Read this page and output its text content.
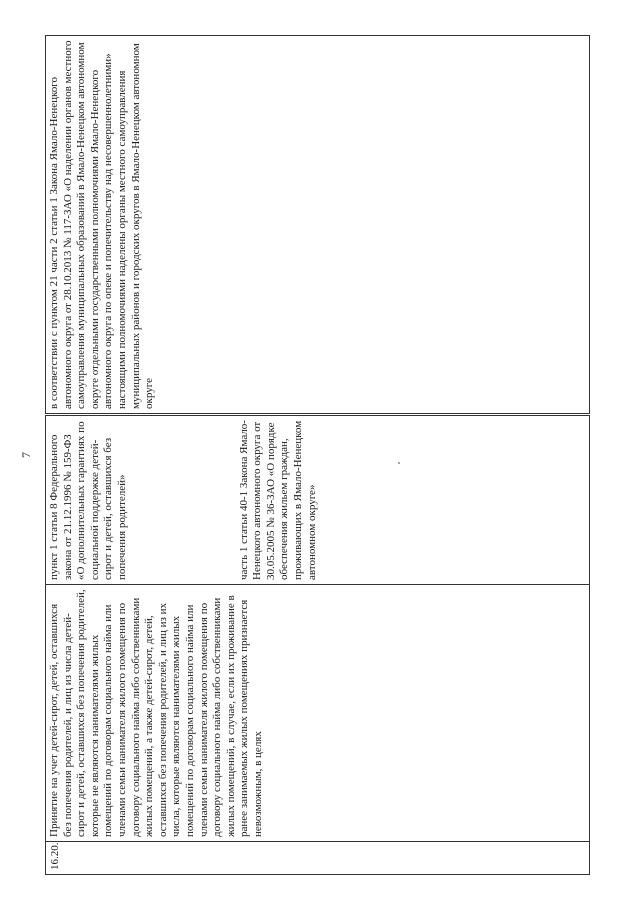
7
16.20.	Принятие на учет детей-сирот, детей, оставшихся без попечения родителей, и лиц из числа детей-сирот и детей, оставшихся без попечения родителей, которые не являются нанимателями жилых помещений по договорам социального найма или членами семьи нанимателя жилого помещения по договору социального найма либо собственниками жилых помещений, а также детей-сирот, детей, оставшихся без попечения родителей, и лиц из их числа, которые являются нанимателями жилых помещений по договорам социального найма или членами семьи нанимателя жилого помещения по договору социального найма либо собственниками жилых помещений, в случае, если их проживание в ранее занимаемых жилых помещениях признается невозможным, в целях	пункт 1 статьи 8 Федерального закона от 21.12.1996 № 159-ФЗ «О дополнительных гарантиях по социальной поддержке детей-сирот и детей, оставшихся без попечения родителей»	часть 1 статьи 40-1 Закона Ямало-Ненецкого автономного округа от 30.05.2005 № 36-ЗАО «О порядке обеспечения жильем граждан, проживающих в Ямало-Ненецком автономном округе»	в соответствии с пунктом 21 части 2 статьи 1 Закона Ямало-Ненецкого автономного округа от 28.10.2013 № 117-ЗАО «О наделении органов местного самоуправления муниципальных образований в Ямало-Ненецком автономном округе отдельными государственными полномочиями Ямало-Ненецкого автономного округа по опеке и попечительству над несовершеннолетними» настоящими полномочиями наделены органы местного самоуправления муниципальных районов и городских округов в Ямало-Ненецком автономном округе
